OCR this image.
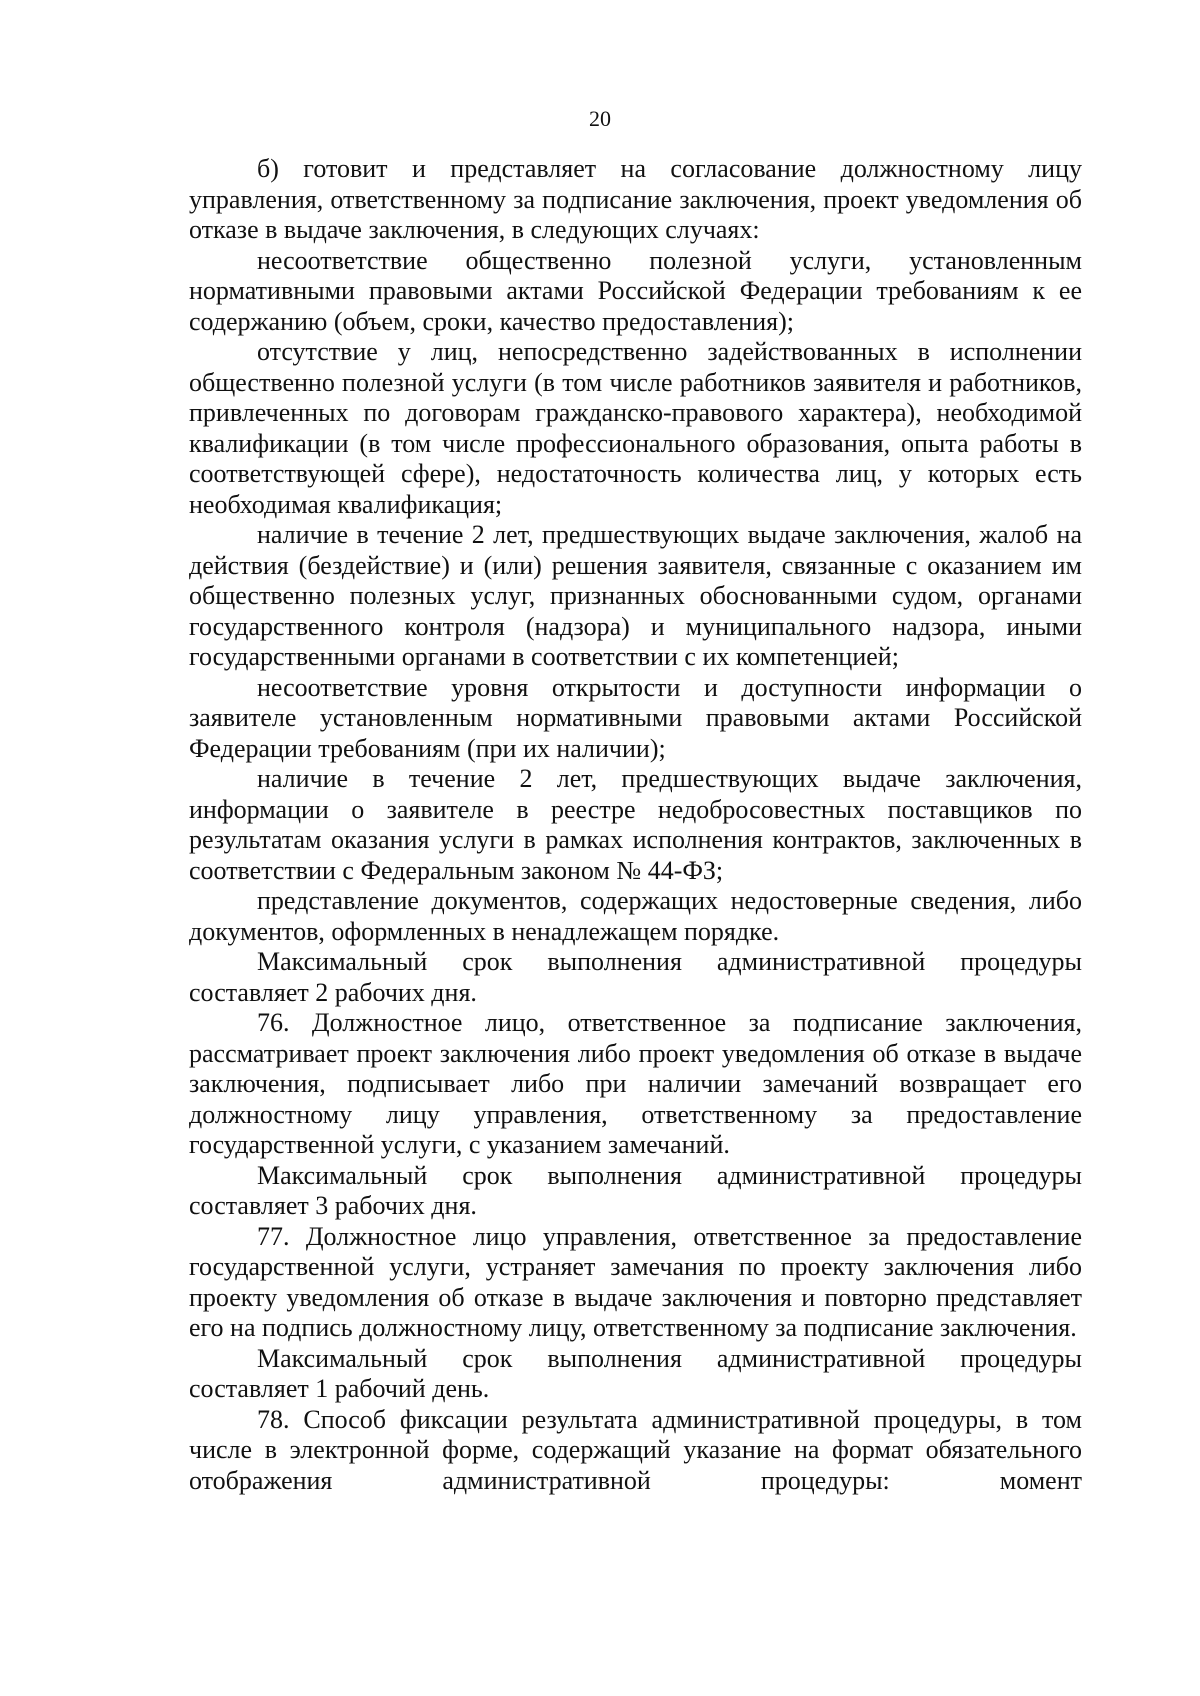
20

б) готовит и представляет на согласование должностному лицу управления, ответственному за подписание заключения, проект уведомления об отказе в выдаче заключения, в следующих случаях:

несоответствие общественно полезной услуги, установленным нормативными правовыми актами Российской Федерации требованиям к ее содержанию (объем, сроки, качество предоставления);

отсутствие у лиц, непосредственно задействованных в исполнении общественно полезной услуги (в том числе работников заявителя и работников, привлеченных по договорам гражданско-правового характера), необходимой квалификации (в том числе профессионального образования, опыта работы в соответствующей сфере), недостаточность количества лиц, у которых есть необходимая квалификация;

наличие в течение 2 лет, предшествующих выдаче заключения, жалоб на действия (бездействие) и (или) решения заявителя, связанные с оказанием им общественно полезных услуг, признанных обоснованными судом, органами государственного контроля (надзора) и муниципального надзора, иными государственными органами в соответствии с их компетенцией;

несоответствие уровня открытости и доступности информации о заявителе установленным нормативными правовыми актами Российской Федерации требованиям (при их наличии);

наличие в течение 2 лет, предшествующих выдаче заключения, информации о заявителе в реестре недобросовестных поставщиков по результатам оказания услуги в рамках исполнения контрактов, заключенных в соответствии с Федеральным законом № 44-ФЗ;

представление документов, содержащих недостоверные сведения, либо документов, оформленных в ненадлежащем порядке.

Максимальный срок выполнения административной процедуры составляет 2 рабочих дня.

76. Должностное лицо, ответственное за подписание заключения, рассматривает проект заключения либо проект уведомления об отказе в выдаче заключения, подписывает либо при наличии замечаний возвращает его должностному лицу управления, ответственному за предоставление государственной услуги, с указанием замечаний.

Максимальный срок выполнения административной процедуры составляет 3 рабочих дня.

77. Должностное лицо управления, ответственное за предоставление государственной услуги, устраняет замечания по проекту заключения либо проекту уведомления об отказе в выдаче заключения и повторно представляет его на подпись должностному лицу, ответственному за подписание заключения.

Максимальный срок выполнения административной процедуры составляет 1 рабочий день.

78. Способ фиксации результата административной процедуры, в том числе в электронной форме, содержащий указание на формат обязательного отображения административной процедуры: момент
